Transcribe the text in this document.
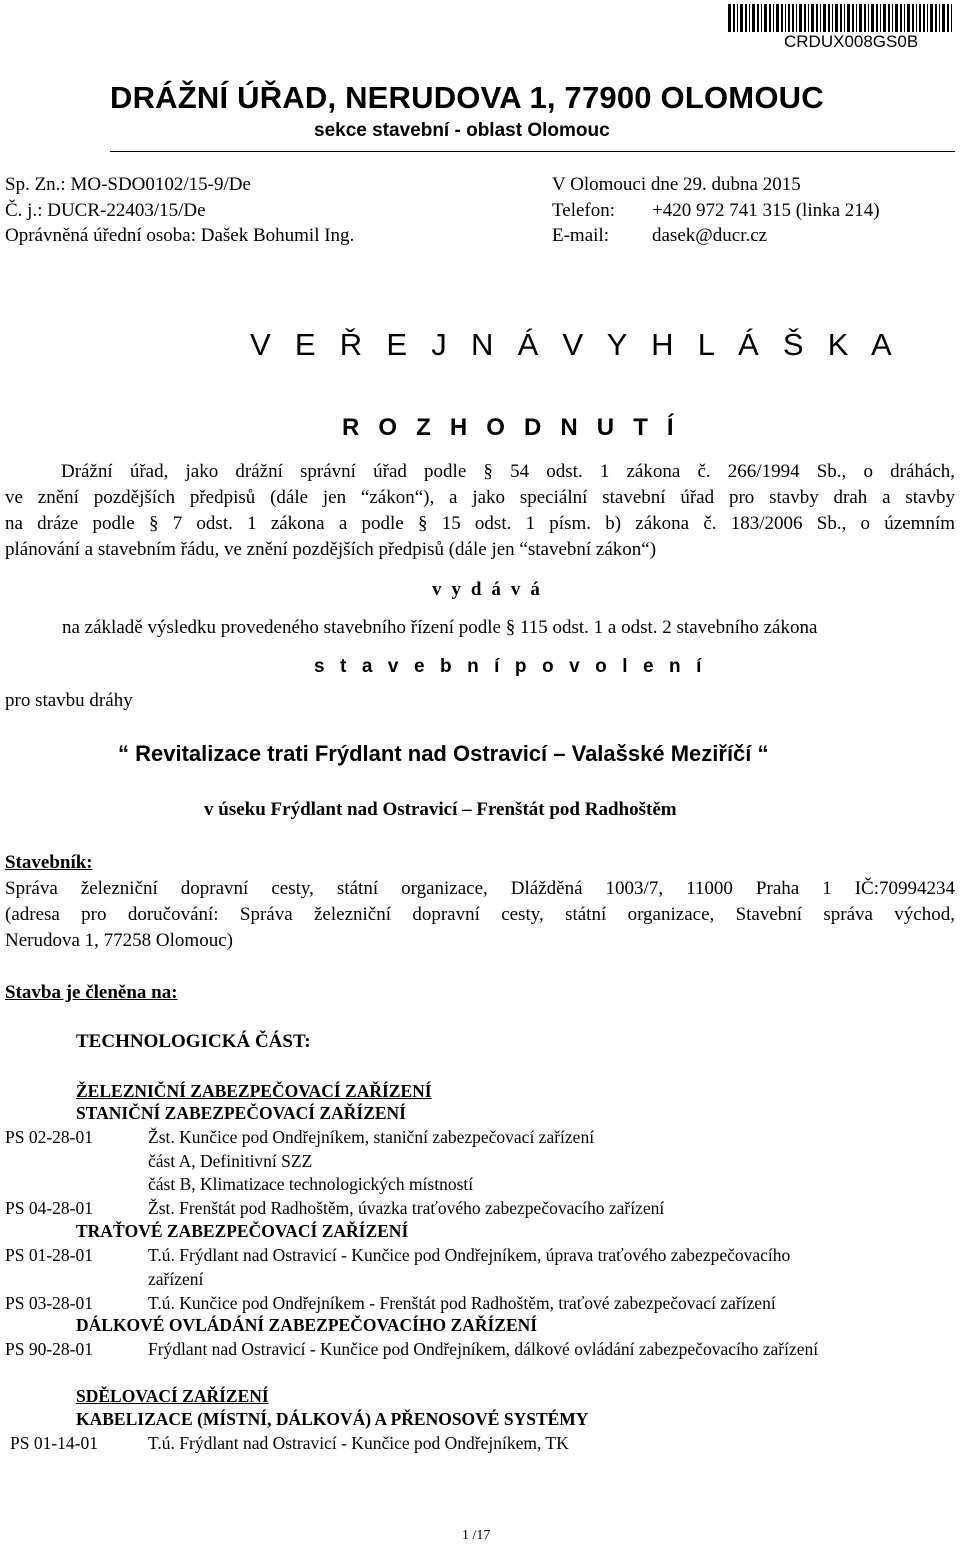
CRDUX008GS0B
DRÁŽNÍ ÚŘAD, NERUDOVA 1, 77900 OLOMOUC
sekce stavební - oblast Olomouc
Sp. Zn.: MO-SDO0102/15-9/De
Č. j.: DUCR-22403/15/De
Oprávněná úřední osoba: Dašek Bohumil Ing.
V Olomouci dne 29. dubna 2015
Telefon: +420 972 741 315 (linka 214)
E-mail: dasek@ducr.cz
V E Ř E J N Á V Y H L Á Š K A
R O Z H O D N U T Í
Drážní úřad, jako drážní správní úřad podle § 54 odst. 1 zákona č. 266/1994 Sb., o dráhách,
ve znění pozdějších předpisů (dále jen “zákon“), a jako speciální stavební úřad pro stavby drah a stavby
na dráze podle § 7 odst. 1 zákona a podle § 15 odst. 1 písm. b) zákona č. 183/2006 Sb., o územním
plánování a stavebním řádu, ve znění pozdějších předpisů (dále jen “stavební zákon“)
v y d á v á
na základě výsledku provedeného stavebního řízení podle § 115 odst. 1 a odst. 2 stavebního zákona
s t a v e b n í p o v o l e n í
pro stavbu dráhy
“ Revitalizace trati Frýdlant nad Ostravicí – Valašské Meziříčí “
v úseku Frýdlant nad Ostravicí – Frenštát pod Radhoštěm
Stavebník:
Správa železniční dopravní cesty, státní organizace, Dlážděná 1003/7, 11000 Praha 1 IČ:70994234
(adresa pro doručování: Správa železniční dopravní cesty, státní organizace, Stavební správa východ,
Nerudova 1, 77258 Olomouc)
Stavba je členěna na:
TECHNOLOGICKÁ ČÁST:
ŽELEZNIČNÍ ZABEZPEČOVACÍ ZAŘÍZENÍ
STANIČNÍ ZABEZPEČOVACÍ ZAŘÍZENÍ
PS 02-28-01	Žst. Kunčice pod Ondřejníkem, staniční zabezpečovací zařízení
část A, Definitivní SZZ
část B, Klimatizace technologických místností
PS 04-28-01	Žst. Frenštát pod Radhoštěm, úvazka traťového zabezpečovacího zařízení
TRAŤOVÉ ZABEZPEČOVACÍ ZAŘÍZENÍ
PS 01-28-01	T.ú. Frýdlant nad Ostravicí - Kunčice pod Ondřejníkem, úprava traťového zabezpečovacího
zařízení
PS 03-28-01	T.ú. Kunčice pod Ondřejníkem - Frenštát pod Radhoštěm, traťové zabezpečovací zařízení
DÁLKOVÉ OVLÁDÁNÍ ZABEZPEČOVACÍHO ZAŘÍZENÍ
PS 90-28-01	Frýdlant nad Ostravicí - Kunčice pod Ondřejníkem, dálkové ovládání zabezpečovacího zařízení
SDĚLOVACÍ ZAŘÍZENÍ
KABELIZACE (MÍSTNÍ, DÁLKOVÁ) A PŘENOSOVÉ SYSTÉMY
PS 01-14-01	T.ú. Frýdlant nad Ostravicí - Kunčice pod Ondřejníkem, TK
1 /17
